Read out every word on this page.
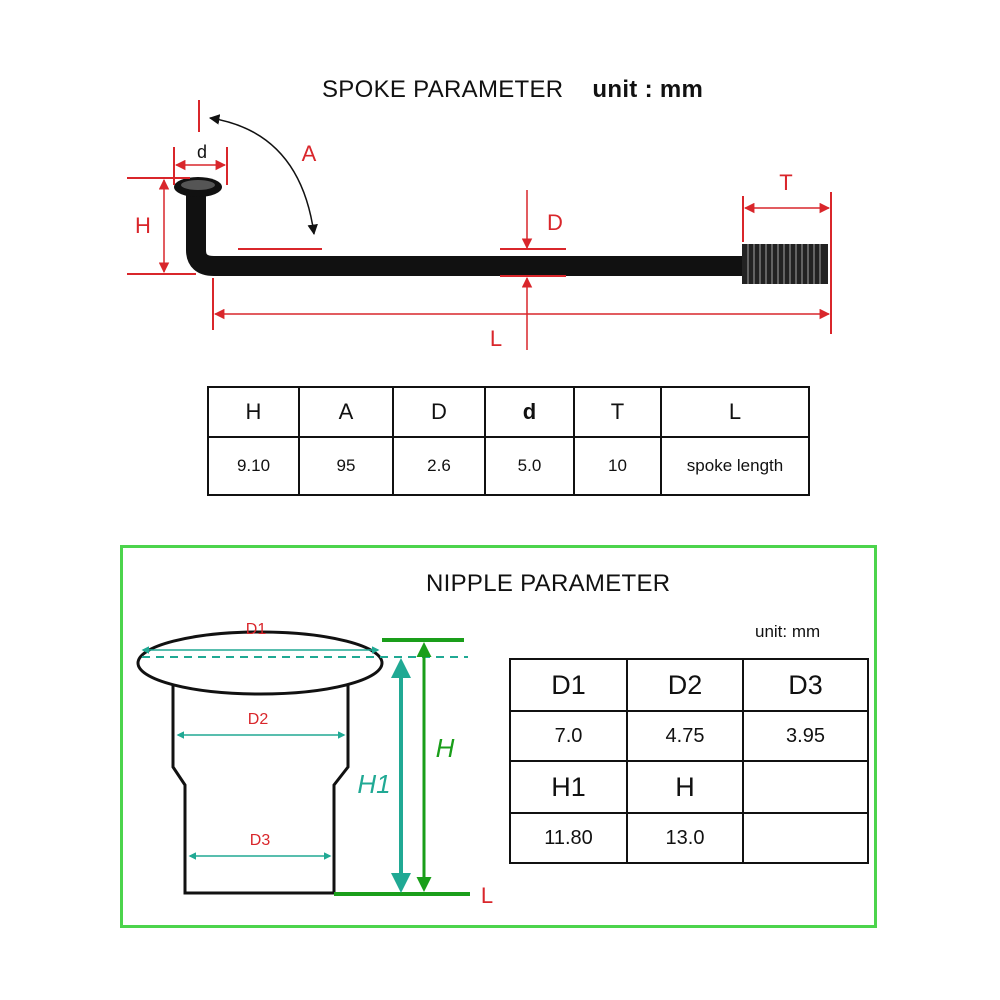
SPOKE PARAMETER unit : mm
d	A
H	D
T
L
H	A	D	d	T	L
9.10	95	2.6	5.0	10	spoke length
NIPPLE PARAMETER
unit: mm
D1
D2
D3
H1
H
L
D1	D2	D3
7.0	4.75	3.95
H1	H	
11.80	13.0	
